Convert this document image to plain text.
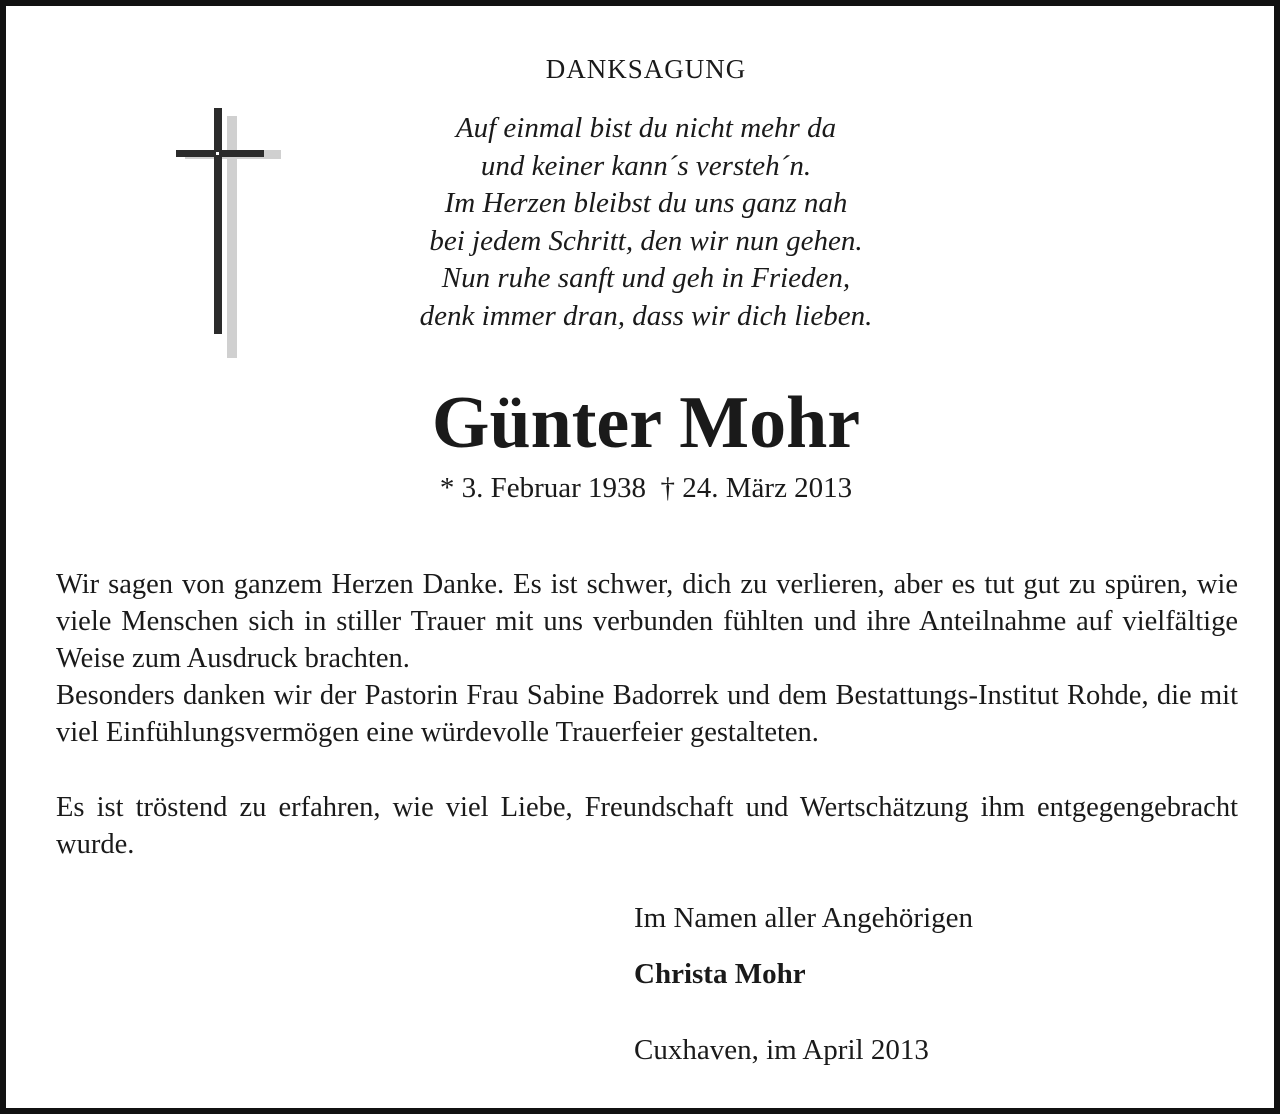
DANKSAGUNG
Auf einmal bist du nicht mehr da
und keiner kann´s versteh´n.
Im Herzen bleibst du uns ganz nah
bei jedem Schritt, den wir nun gehen.
Nun ruhe sanft und geh in Frieden,
denk immer dran, dass wir dich lieben.
Günter Mohr
* 3. Februar 1938  † 24. März 2013
Wir sagen von ganzem Herzen Danke. Es ist schwer, dich zu verlieren, aber es tut gut zu spüren, wie viele Menschen sich in stiller Trauer mit uns verbunden fühlten und ihre Anteilnahme auf vielfältige Weise zum Ausdruck brachten.
Besonders danken wir der Pastorin Frau Sabine Badorrek und dem Bestattungs-Institut Rohde, die mit viel Einfühlungsvermögen eine würdevolle Trauerfeier gestalteten.
Es ist tröstend zu erfahren, wie viel Liebe, Freundschaft und Wertschätzung ihm entgegengebracht wurde.
Im Namen aller Angehörigen
Christa Mohr
Cuxhaven, im April 2013
